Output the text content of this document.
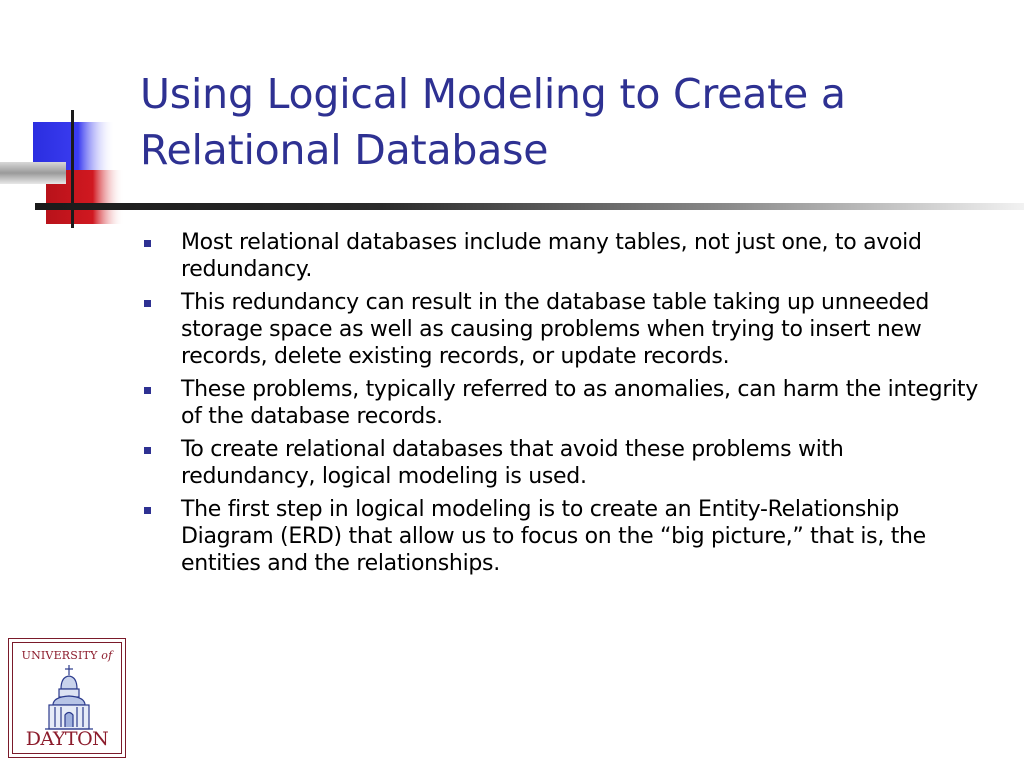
Using Logical Modeling to Create a
Relational Database
Most relational databases include many tables, not just one, to avoid redundancy.
This redundancy can result in the database table taking up unneeded storage space as well as causing problems when trying to insert new records, delete existing records, or update records.
These problems, typically referred to as anomalies, can harm the integrity of the database records.
To create relational databases that avoid these problems with redundancy, logical modeling is used.
The first step in logical modeling is to create an Entity-Relationship Diagram (ERD) that allow us to focus on the “big picture,” that is, the entities and the relationships.
UNIVERSITY of
DAYTON
